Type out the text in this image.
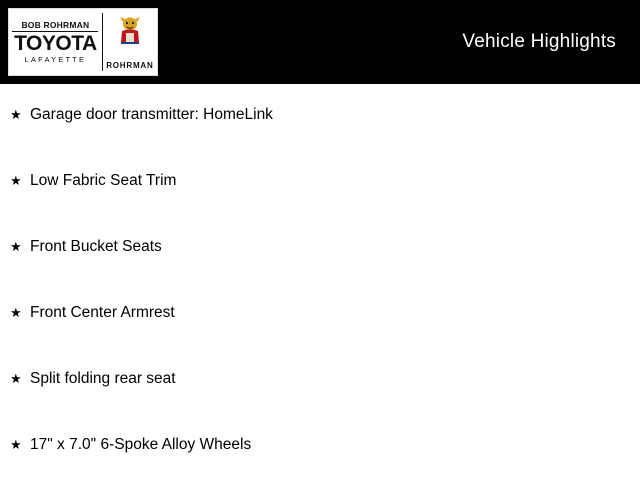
BOB ROHRMAN
TOYOTA
LAFAYETTE
ROHRMAN
Vehicle Highlights
★ Garage door transmitter: HomeLink
★ Low Fabric Seat Trim
★ Front Bucket Seats
★ Front Center Armrest
★ Split folding rear seat
★ 17" x 7.0" 6-Spoke Alloy Wheels
